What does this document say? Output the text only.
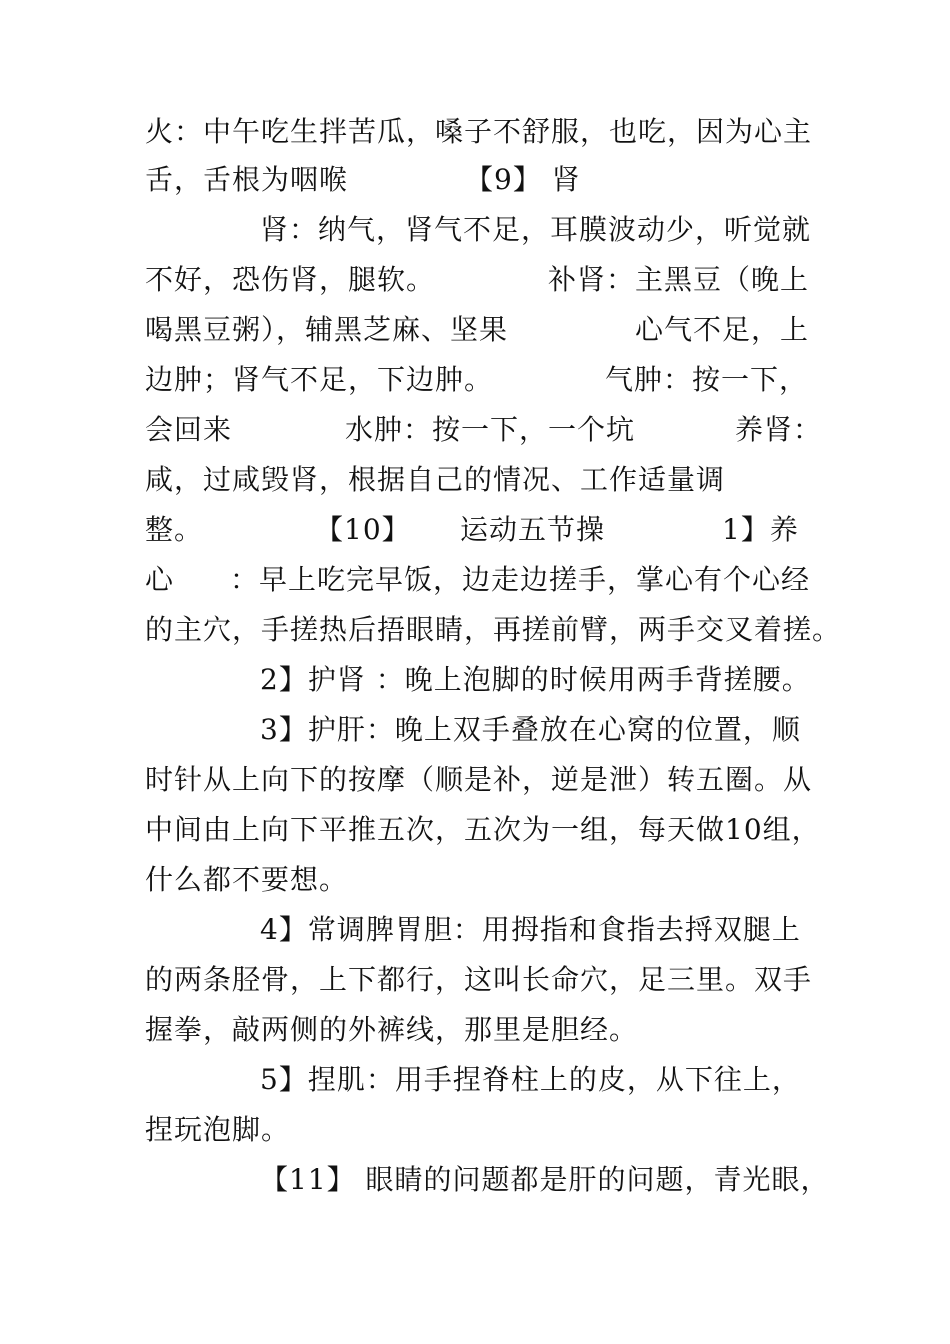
火：中午吃生拌苦瓜，嗓子不舒服，也吃，因为心主
舌，舌根为咽喉	【9】 肾
肾：纳气，肾气不足，耳膜波动少，听觉就
不好，恐伤肾，腿软。	补肾：主黑豆（晚上
喝黑豆粥），辅黑芝麻、坚果	心气不足，上
边肿；肾气不足，下边肿。	气肿：按一下，
会回来	水肿：按一下，一个坑	养肾：
咸，过咸毁肾，根据自己的情况、工作适量调
整。	【10】 运动五节操	1】养
心 ：早上吃完早饭，边走边搓手，掌心有个心经
的主穴，手搓热后捂眼睛，再搓前臂，两手交叉着搓。
2】护肾 ：晚上泡脚的时候用两手背搓腰。
3】护肝：晚上双手叠放在心窝的位置，顺
时针从上向下的按摩（顺是补，逆是泄）转五圈。从
中间由上向下平推五次，五次为一组，每天做10组，
什么都不要想。
4】常调脾胃胆：用拇指和食指去捋双腿上
的两条胫骨，上下都行，这叫长命穴，足三里。双手
握拳，敲两侧的外裤线，那里是胆经。
5】捏肌：用手捏脊柱上的皮，从下往上，
捏玩泡脚。
【11】 眼睛的问题都是肝的问题，青光眼，
